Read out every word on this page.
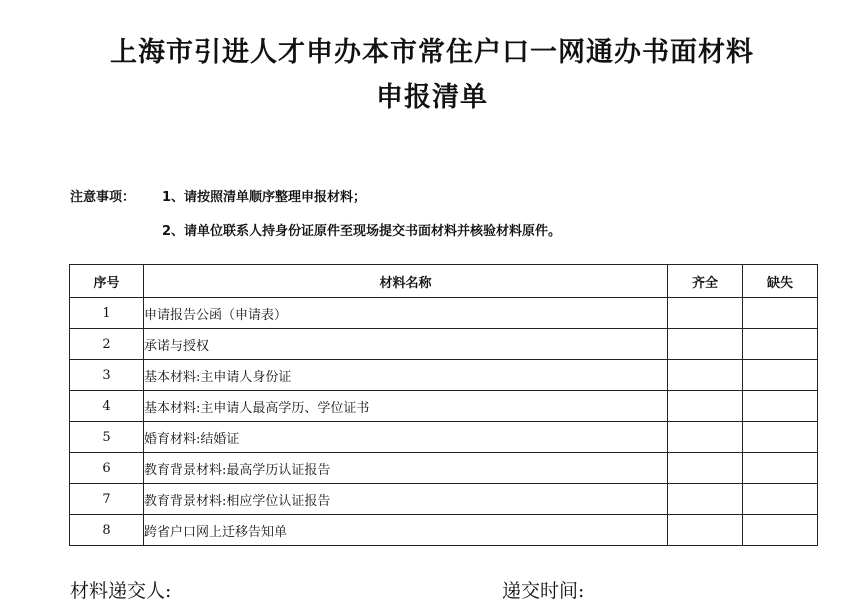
上海市引进人才申办本市常住户口一网通办书面材料
申报清单
注意事项： 1、请按照清单顺序整理申报材料；
2、请单位联系人持身份证原件至现场提交书面材料并核验材料原件。
序号	材料名称	齐全	缺失
1	申请报告公函（申请表）		
2	承诺与授权		
3	基本材料:主申请人身份证		
4	基本材料:主申请人最高学历、学位证书		
5	婚育材料:结婚证		
6	教育背景材料:最高学历认证报告		
7	教育背景材料:相应学位认证报告		
8	跨省户口网上迁移告知单		
材料递交人:	递交时间:
